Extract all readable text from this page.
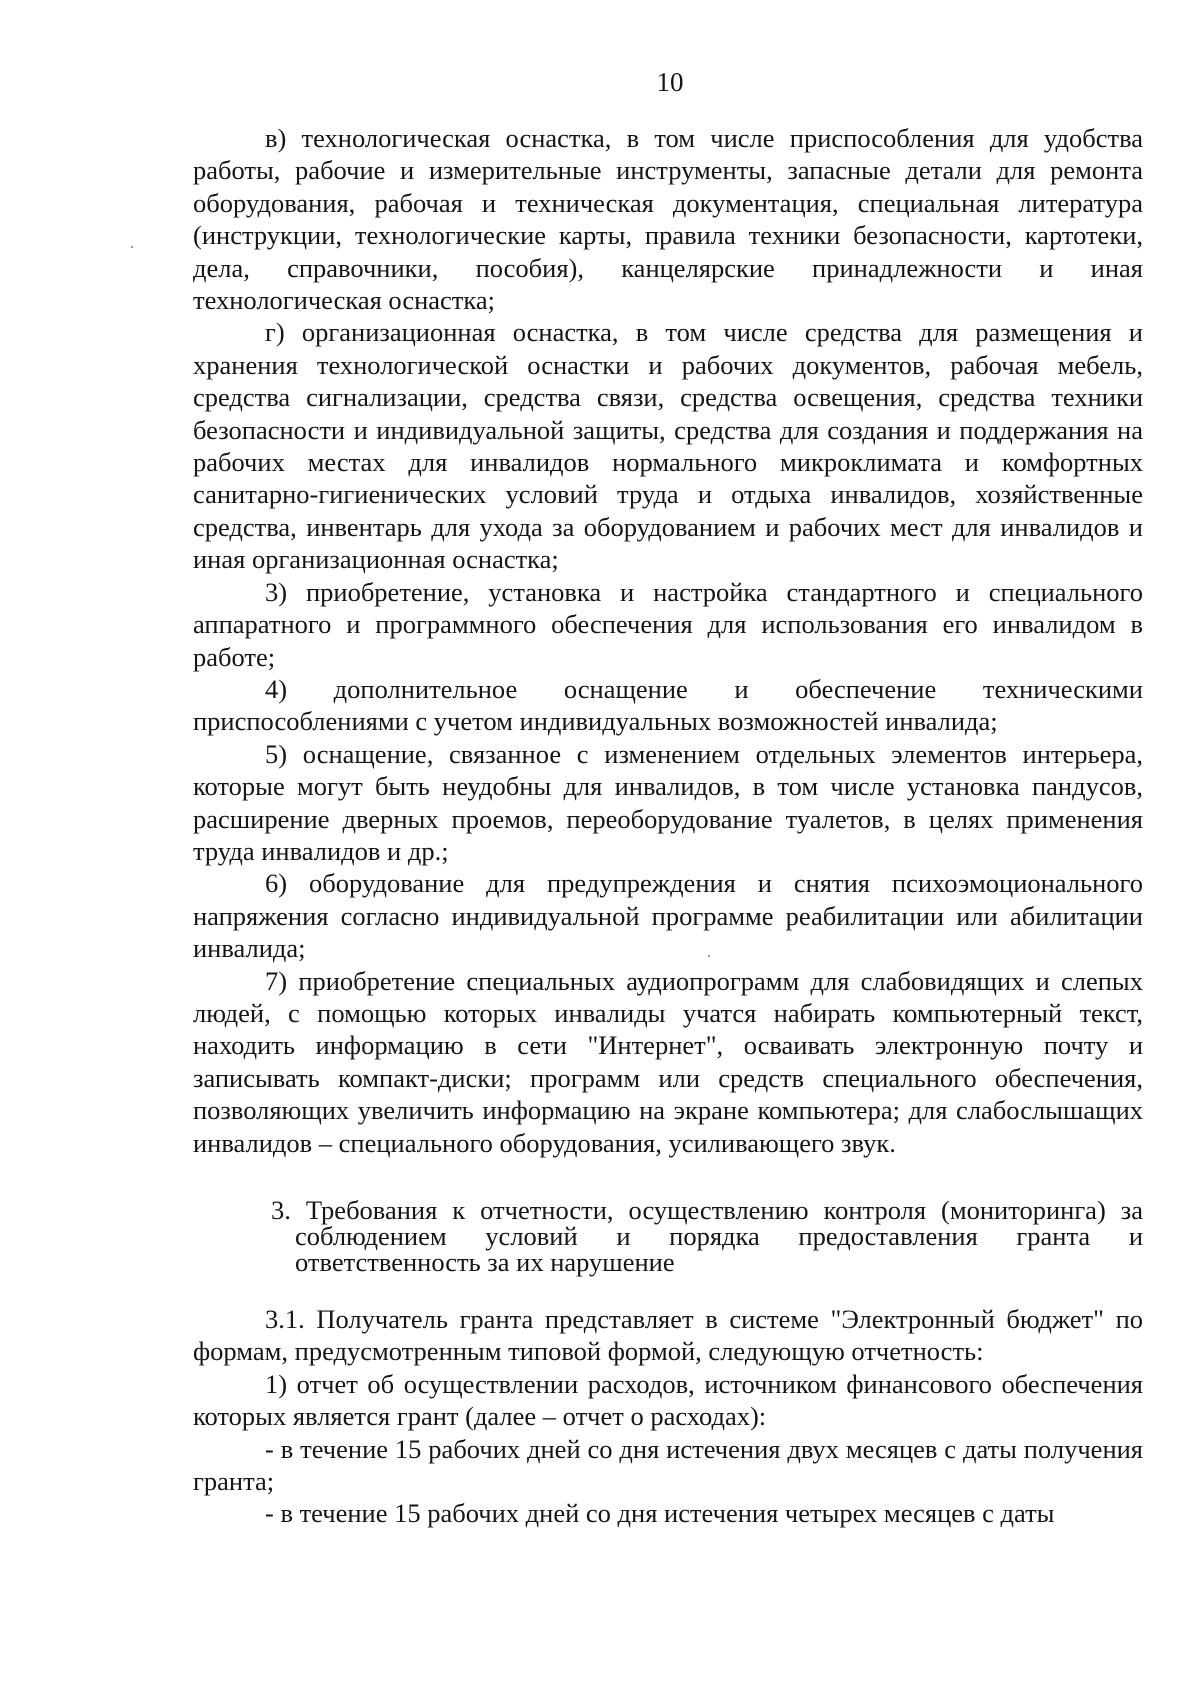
10

в) технологическая оснастка, в том числе приспособления для удобства работы, рабочие и измерительные инструменты, запасные детали для ремонта оборудования, рабочая и техническая документация, специальная литература (инструкции, технологические карты, правила техники безопасности, картотеки, дела, справочники, пособия), канцелярские принадлежности и иная технологическая оснастка;

г) организационная оснастка, в том числе средства для размещения и хранения технологической оснастки и рабочих документов, рабочая мебель, средства сигнализации, средства связи, средства освещения, средства техники безопасности и индивидуальной защиты, средства для создания и поддержания на рабочих местах для инвалидов нормального микроклимата и комфортных санитарно-гигиенических условий труда и отдыха инвалидов, хозяйственные средства, инвентарь для ухода за оборудованием и рабочих мест для инвалидов и иная организационная оснастка;

3) приобретение, установка и настройка стандартного и специального аппаратного и программного обеспечения для использования его инвалидом в работе;

4) дополнительное оснащение и обеспечение техническими приспособлениями с учетом индивидуальных возможностей инвалида;

5) оснащение, связанное с изменением отдельных элементов интерьера, которые могут быть неудобны для инвалидов, в том числе установка пандусов, расширение дверных проемов, переоборудование туалетов, в целях применения труда инвалидов и др.;

6) оборудование для предупреждения и снятия психоэмоционального напряжения согласно индивидуальной программе реабилитации или абилитации инвалида;

7) приобретение специальных аудиопрограмм для слабовидящих и слепых людей, с помощью которых инвалиды учатся набирать компьютерный текст, находить информацию в сети "Интернет", осваивать электронную почту и записывать компакт-диски; программ или средств специального обеспечения, позволяющих увеличить информацию на экране компьютера; для слабослышащих инвалидов – специального оборудования, усиливающего звук.

3. Требования к отчетности, осуществлению контроля (мониторинга) за соблюдением условий и порядка предоставления гранта и ответственность за их нарушение

3.1. Получатель гранта представляет в системе "Электронный бюджет" по формам, предусмотренным типовой формой, следующую отчетность:

1) отчет об осуществлении расходов, источником финансового обеспечения которых является грант (далее – отчет о расходах):

- в течение 15 рабочих дней со дня истечения двух месяцев с даты получения гранта;

- в течение 15 рабочих дней со дня истечения четырех месяцев с даты
